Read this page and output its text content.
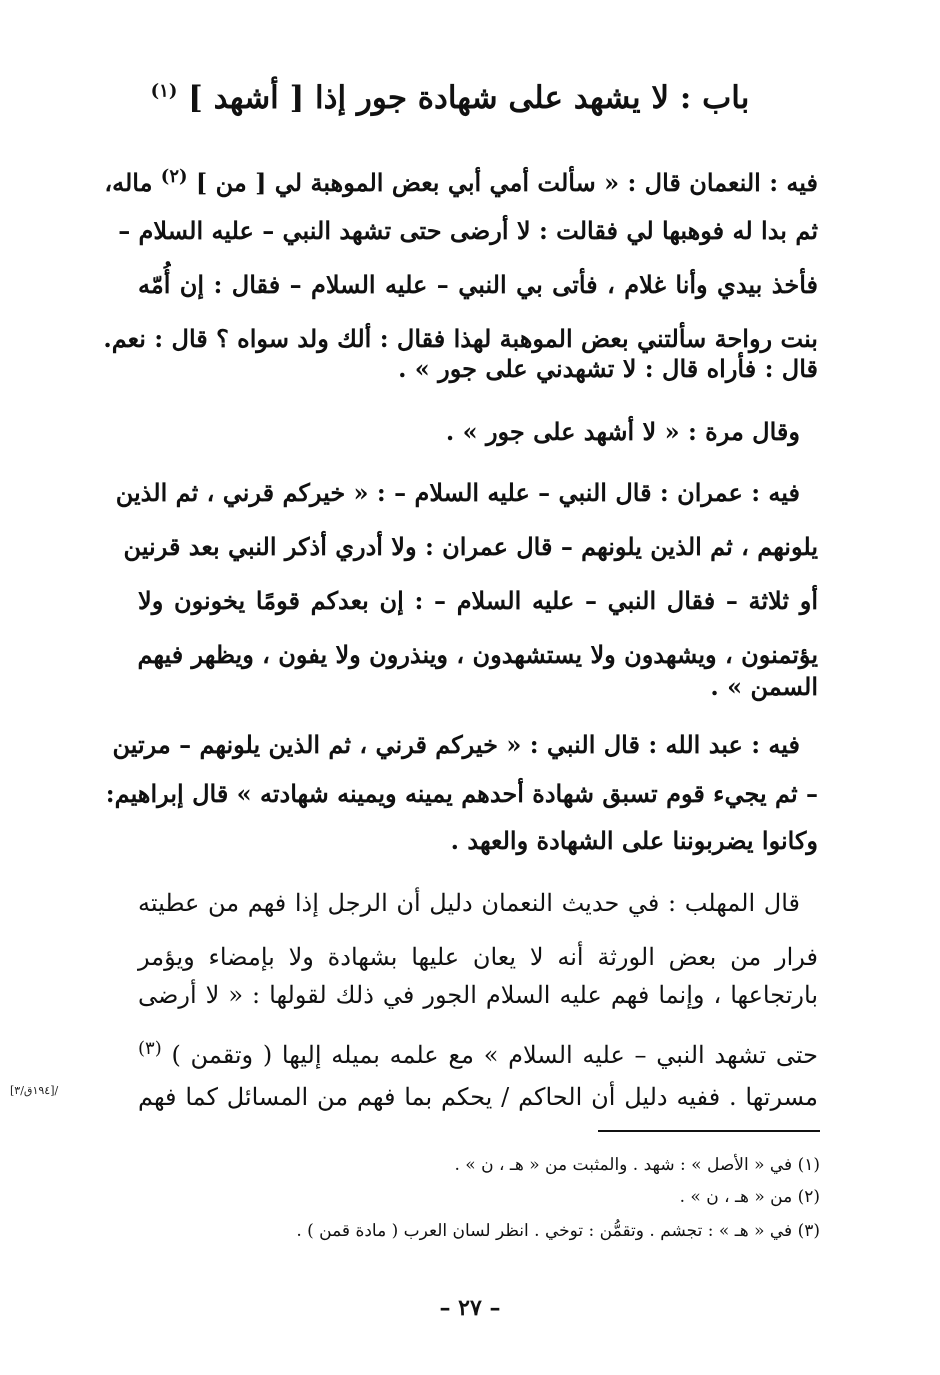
باب : لا يشهد على شهادة جور إذا [ أشهد ] $^{(١)}$
فيه : النعمان قال : « سألت أمي أبي بعض الموهبة لي [ من ] $^{(٢)}$ ماله،
ثم بدا له فوهبها لي فقالت : لا أرضى حتى تشهد النبي – عليه السلام –
فأخذ بيدي وأنا غلام ، فأتى بي النبي – عليه السلام – فقال : إن أُمّه
بنت رواحة سألتني بعض الموهبة لهذا فقال : ألك ولد سواه ؟ قال : نعم.
قال : فأراه قال : لا تشهدني على جور » .
وقال مرة : « لا أشهد على جور » .
فيه : عمران : قال النبي – عليه السلام – : « خيركم قرني ، ثم الذين
يلونهم ، ثم الذين يلونهم – قال عمران : ولا أدري أذكر النبي بعد قرنين
أو ثلاثة – فقال النبي – عليه السلام – : إن بعدكم قومًا يخونون ولا
يؤتمنون ، ويشهدون ولا يستشهدون ، وينذرون ولا يفون ، ويظهر فيهم
السمن » .
فيه : عبد الله : قال النبي : « خيركم قرني ، ثم الذين يلونهم – مرتين
– ثم يجيء قوم تسبق شهادة أحدهم يمينه ويمينه شهادته » قال إبراهيم:
وكانوا يضربوننا على الشهادة والعهد .
قال المهلب : في حديث النعمان دليل أن الرجل إذا فهم من عطيته
فرار من بعض الورثة أنه لا يعان عليها بشهادة ولا بإمضاء ويؤمر
بارتجاعها ، وإنما فهم عليه السلام الجور في ذلك لقولها : « لا أرضى
حتى تشهد النبي – عليه السلام » مع علمه بميله إليها ( وتقمن ) $^{(٣)}$
مسرتها . ففيه دليل أن الحاكم / يحكم بما فهم من المسائل كما فهم
[١٩٤ق/٣]/
(١) في « الأصل » : شهد . والمثبت من « هـ ، ن » .
(٢) من « هـ ، ن » .
(٣) في « هـ » : تجشم . وتقمُّن : توخي . انظر لسان العرب ( مادة قمن ) .
– ٢٧ –
